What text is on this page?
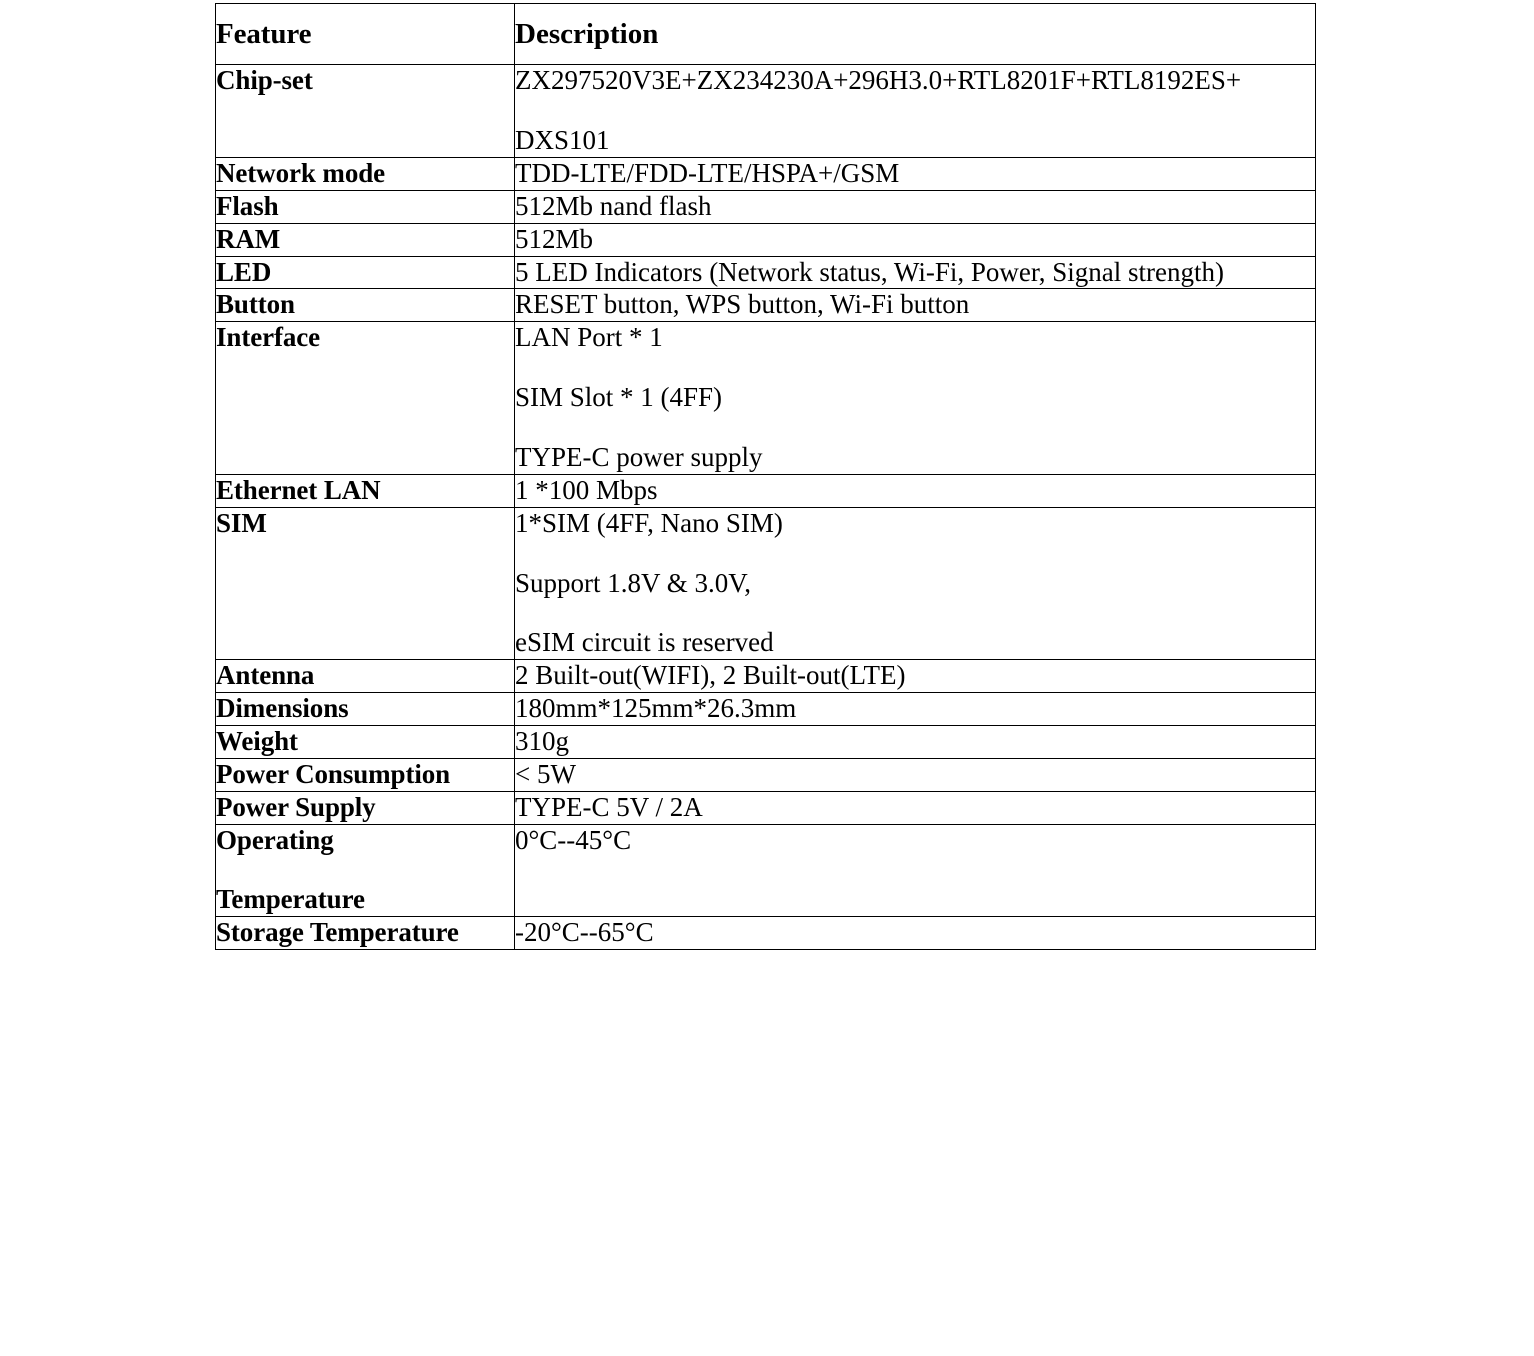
Feature	Description

Chip-set	ZX297520V3E+ZX234230A+296H3.0+RTL8201F+RTL8192ES+
DXS101

Network mode	TDD-LTE/FDD-LTE/HSPA+/GSM

Flash	512Mb nand flash

RAM	512Mb

LED	5 LED Indicators (Network status, Wi-Fi, Power, Signal strength)

Button	RESET button, WPS button, Wi-Fi button

Interface	LAN Port * 1
SIM Slot * 1 (4FF)
TYPE-C power supply

Ethernet LAN	1 *100 Mbps

SIM	1*SIM (4FF, Nano SIM)
Support 1.8V & 3.0V,
eSIM circuit is reserved

Antenna	2 Built-out(WIFI), 2 Built-out(LTE)

Dimensions	180mm*125mm*26.3mm

Weight	310g

Power Consumption	< 5W

Power Supply	TYPE-C 5V / 2A

Operating
Temperature	0°C--45°C

Storage Temperature	-20°C--65°C
